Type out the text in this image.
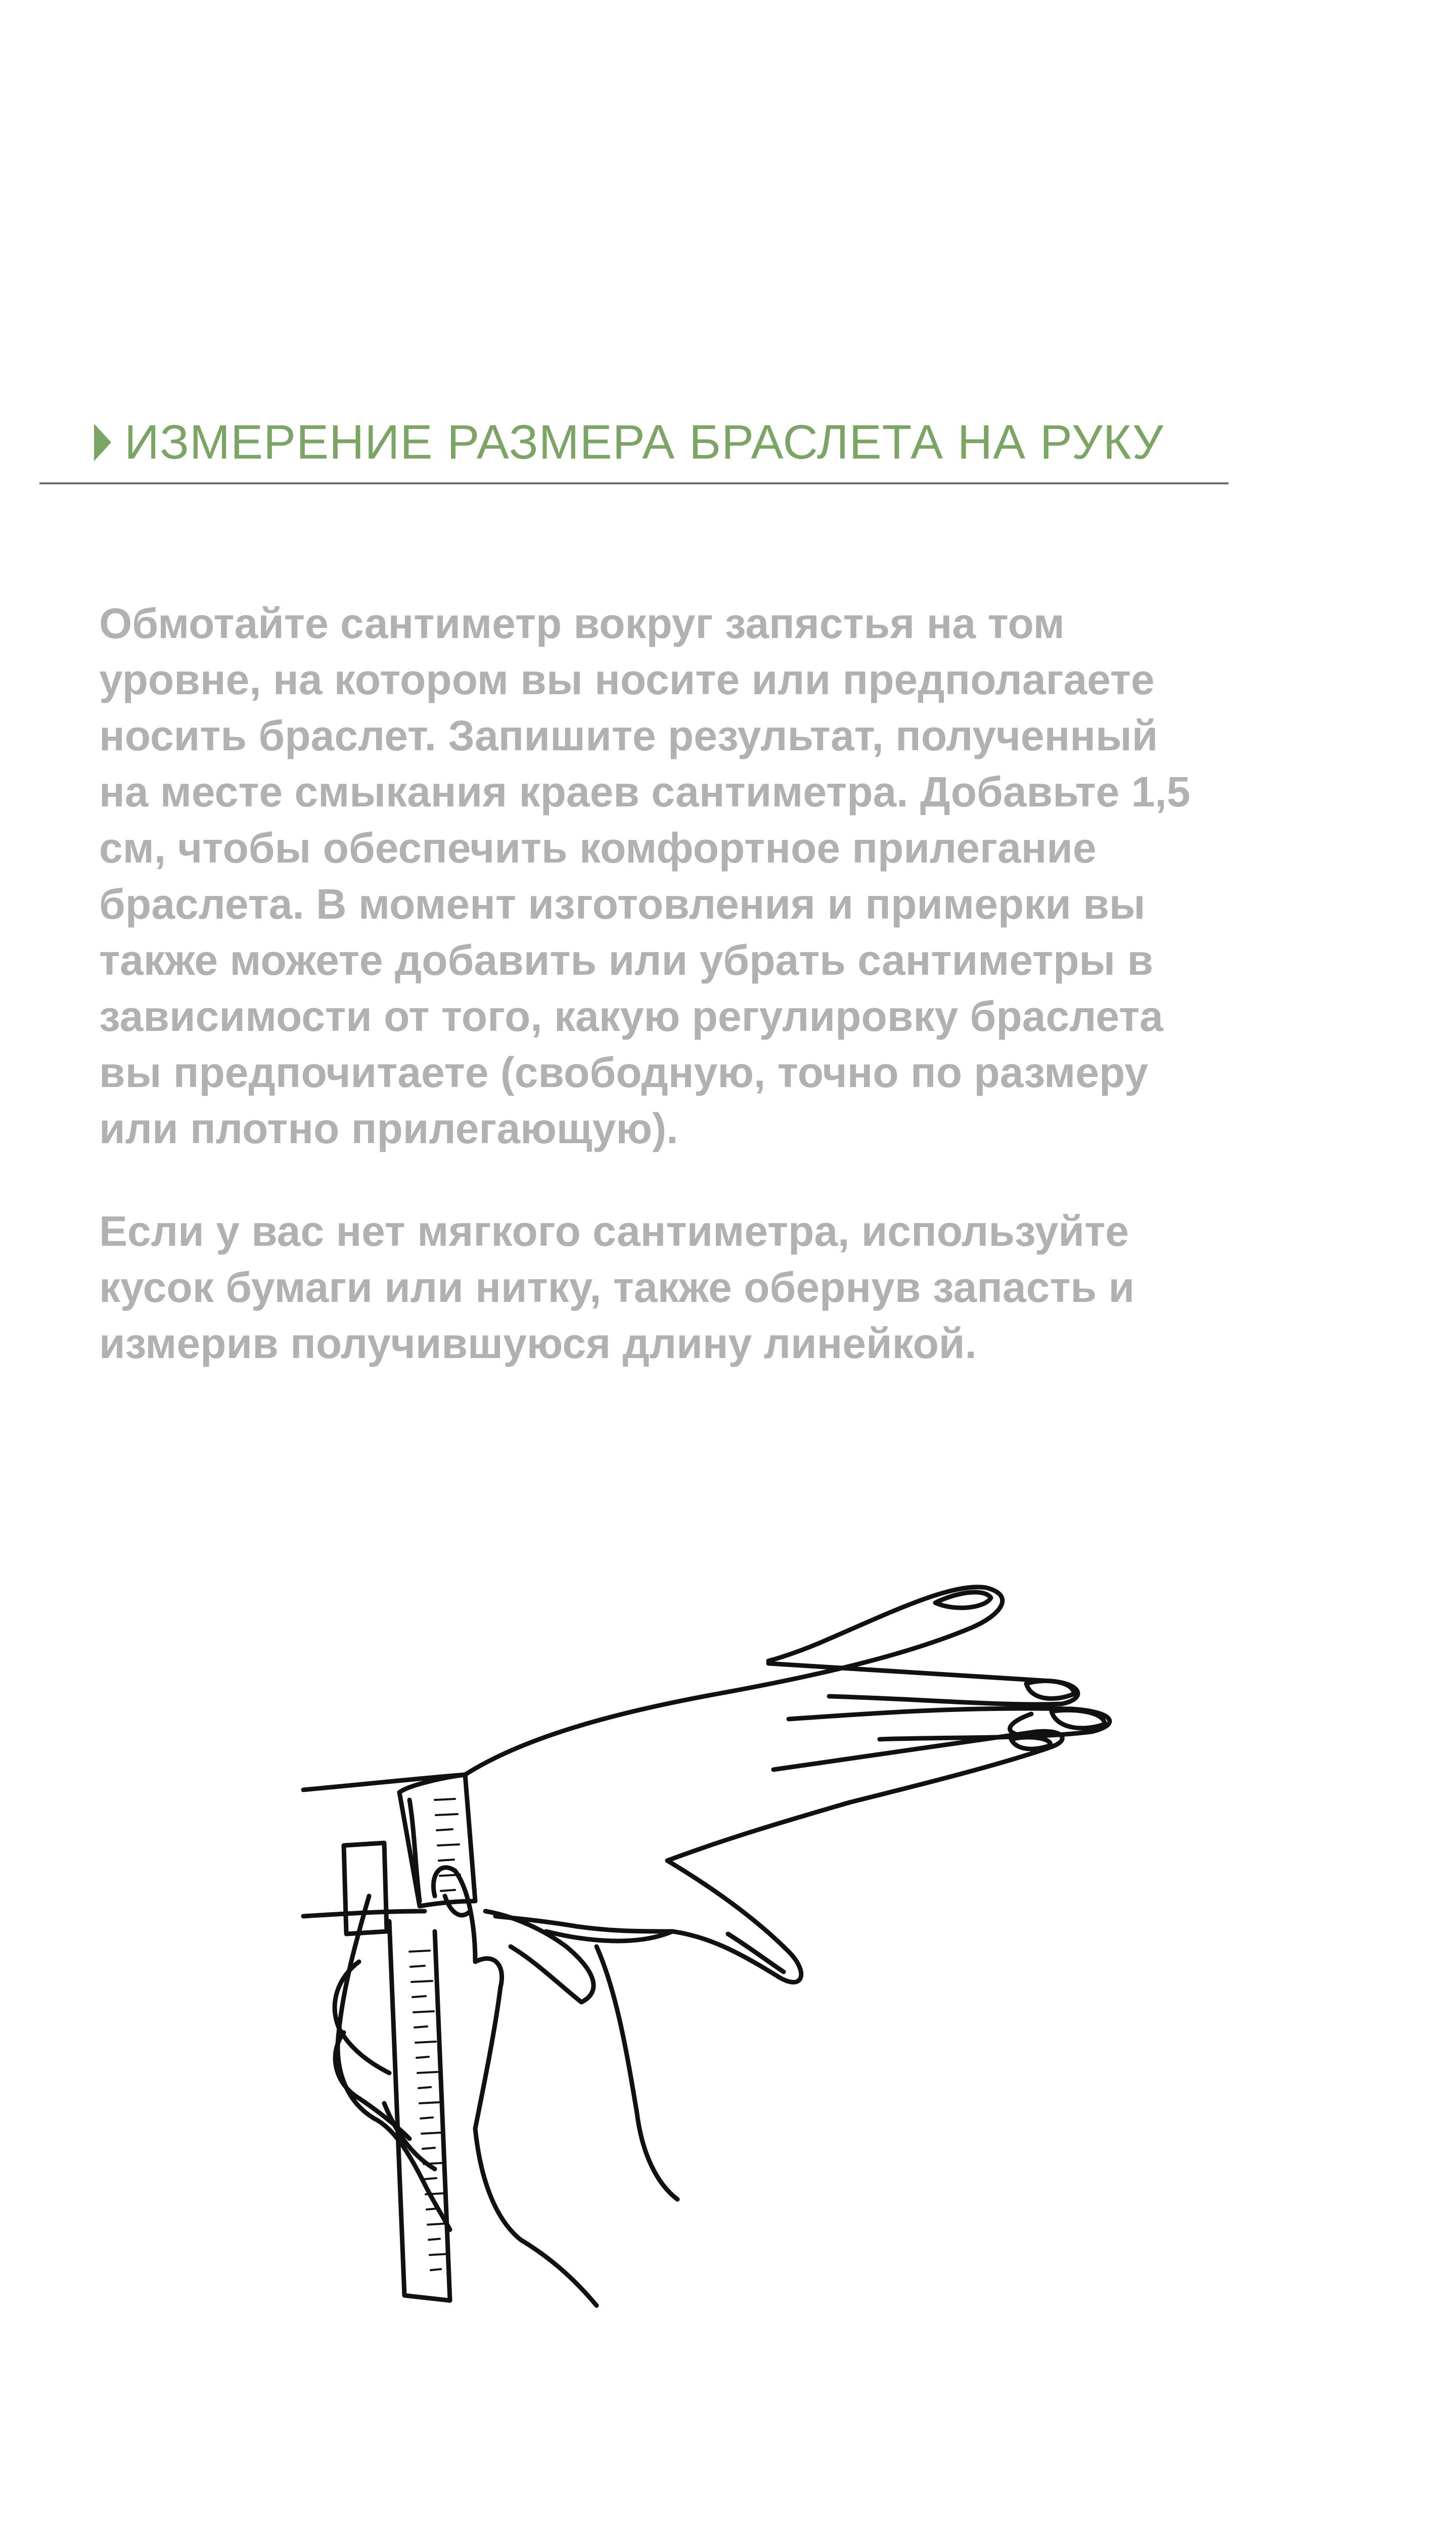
ИЗМЕРЕНИЕ РАЗМЕРА БРАСЛЕТА НА РУКУ

Обмотайте сантиметр вокруг запястья на том
уровне, на котором вы носите или предполагаете
носить браслет. Запишите результат, полученный
на месте смыкания краев сантиметра. Добавьте 1,5
см, чтобы обеспечить комфортное прилегание
браслета. В момент изготовления и примерки вы
также можете добавить или убрать сантиметры в
зависимости от того, какую регулировку браслета
вы предпочитаете (свободную, точно по размеру
или плотно прилегающую).

Если у вас нет мягкого сантиметра, используйте
кусок бумаги или нитку, также обернув запасть и
измерив получившуюся длину линейкой.
